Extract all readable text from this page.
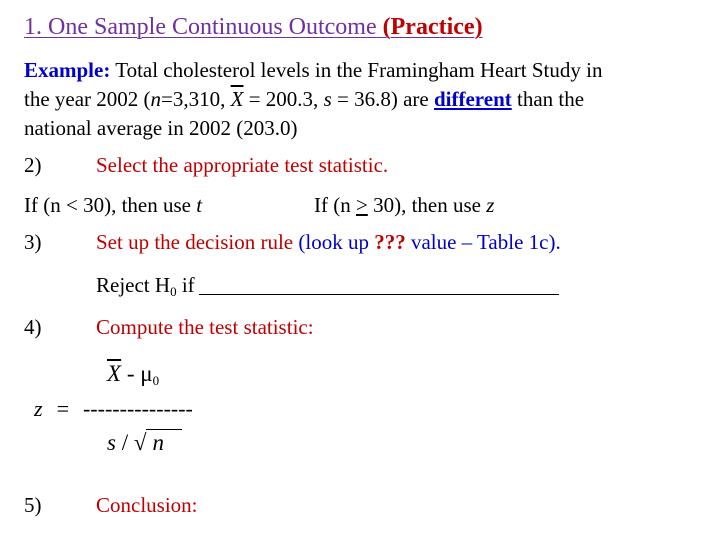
1. One Sample Continuous Outcome (Practice)
Example: Total cholesterol levels in the Framingham Heart Study in
the year 2002 (n=3,310, $\overline{X} = 200.3$, s = 36.8) are different than the
national average in 2002 (203.0)
2)	Select the appropriate test statistic.
If (n < 30), then use t	If (n ≥ 30), then use z
3)	Set up the decision rule (look up ??? value – Table 1c).
Reject $H_0$ if
4)	Compute the test statistic:
$\overline{X} - \mu_0$
z = ---------------
s / √ n
5)	Conclusion:
